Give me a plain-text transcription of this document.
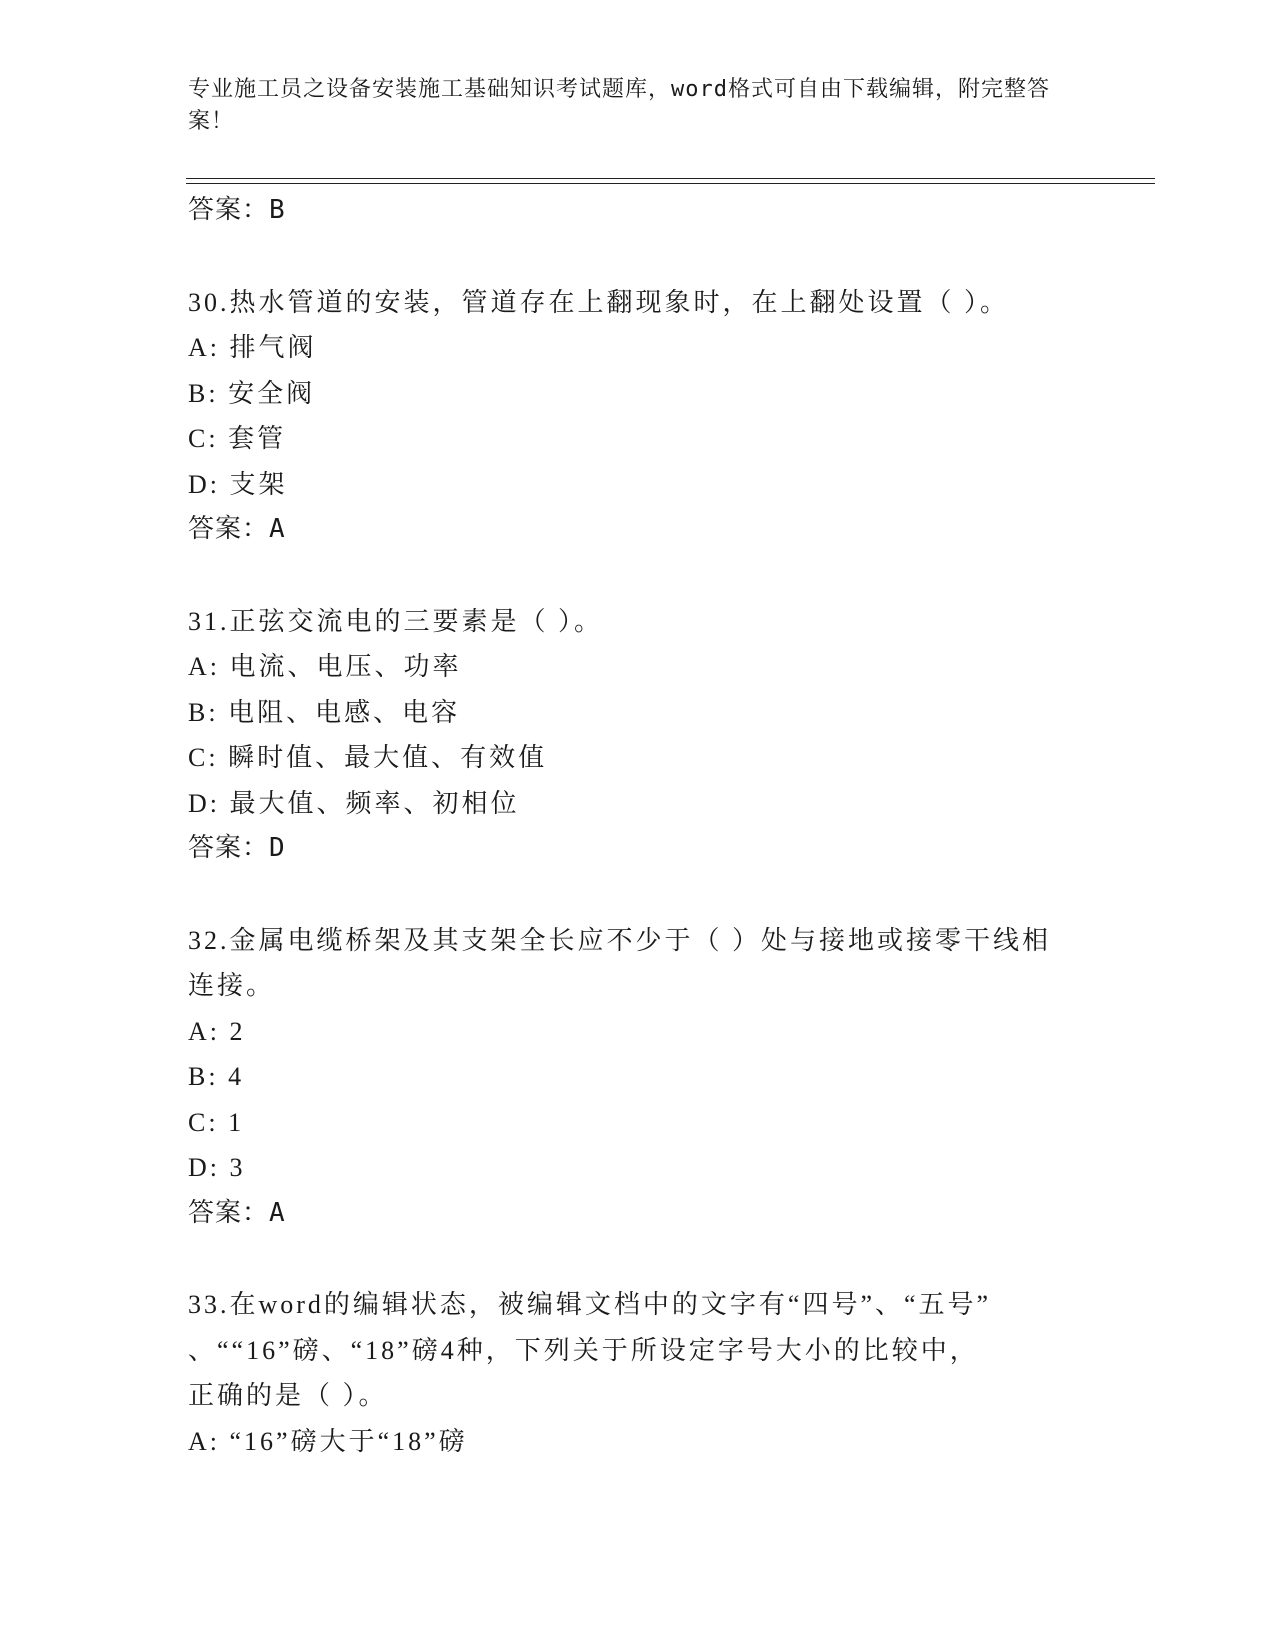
专业施工员之设备安装施工基础知识考试题库，word格式可自由下载编辑，附完整答案！
答案：B
30.热水管道的安装，管道存在上翻现象时，在上翻处设置（ ）。
A: 排气阀
B: 安全阀
C: 套管
D: 支架
答案：A
31.正弦交流电的三要素是（ ）。
A: 电流、电压、功率
B: 电阻、电感、电容
C: 瞬时值、最大值、有效值
D: 最大值、频率、初相位
答案：D
32.金属电缆桥架及其支架全长应不少于（ ）处与接地或接零干线相
连接。
A: 2
B: 4
C: 1
D: 3
答案：A
33.在word的编辑状态，被编辑文档中的文字有“四号”、“五号”
、““16”磅、“18”磅4种，下列关于所设定字号大小的比较中，
正确的是（ ）。
A: “16”磅大于“18”磅
